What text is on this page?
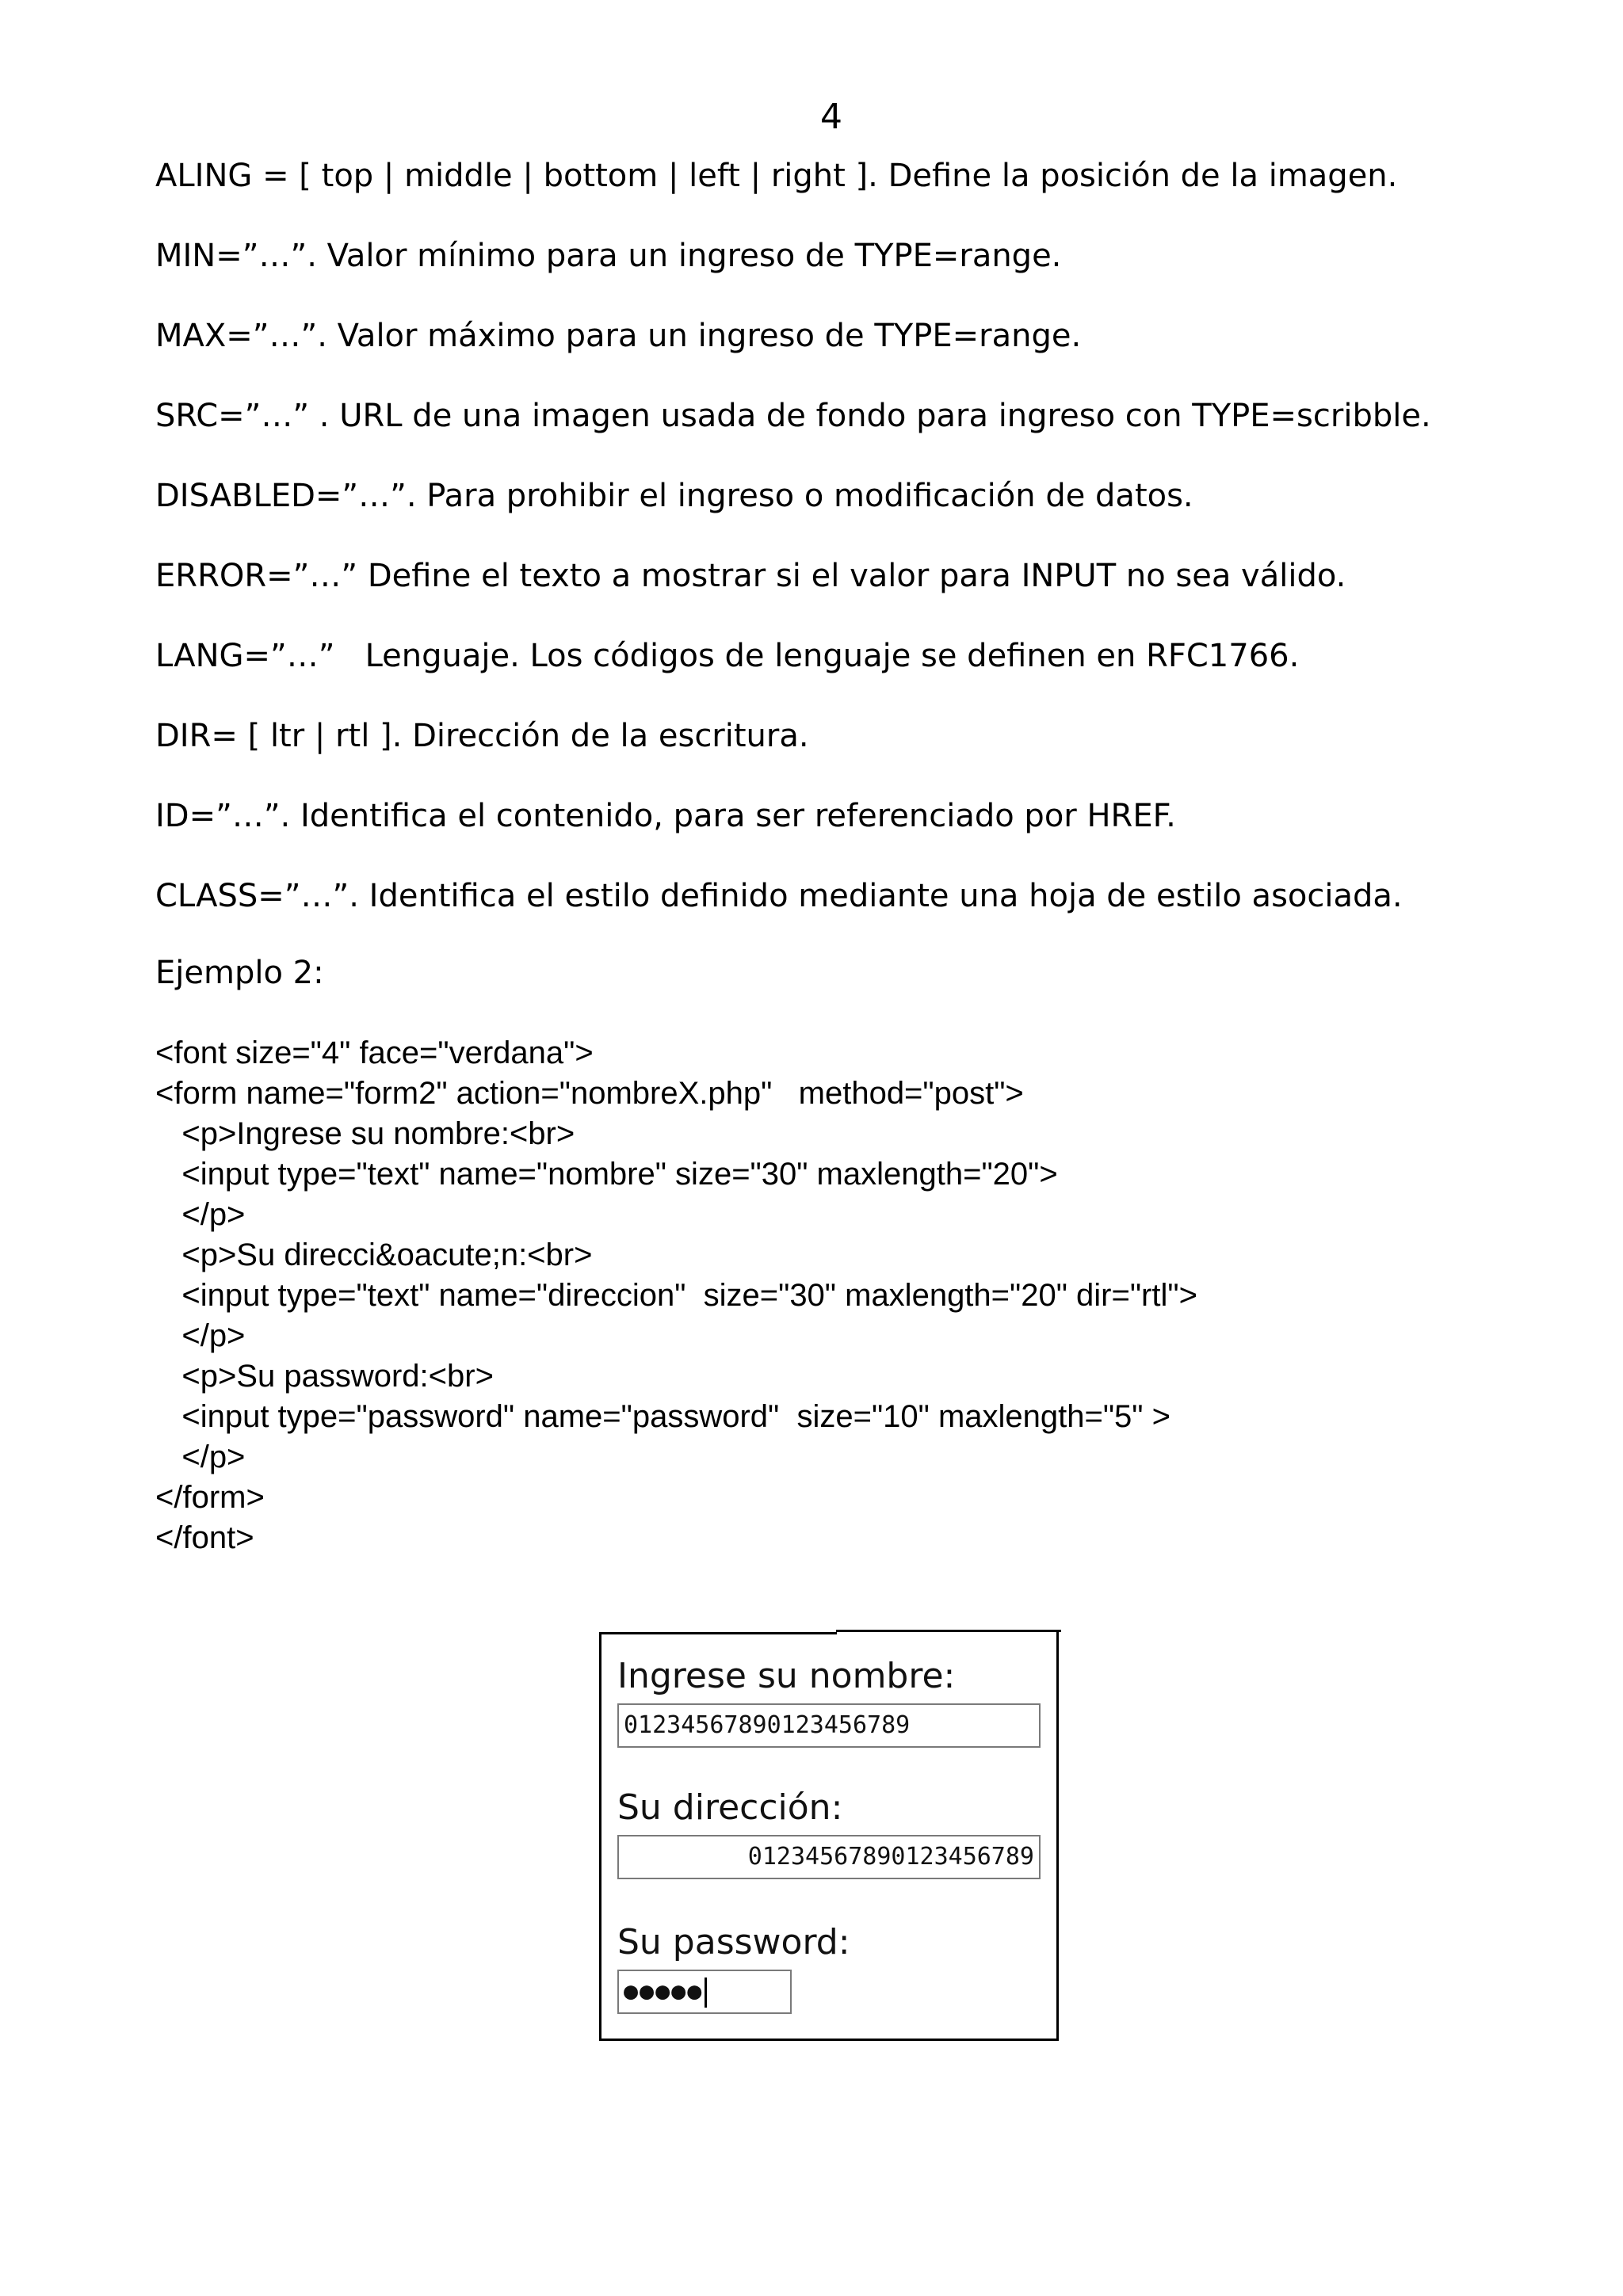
4
ALING = [ top | middle | bottom | left | right ]. Define la posición de la imagen.
MIN=”…”. Valor mínimo para un ingreso de TYPE=range.
MAX=”…”. Valor máximo para un ingreso de TYPE=range.
SRC=”…” . URL de una imagen usada de fondo para ingreso con TYPE=scribble.
DISABLED=”…”. Para prohibir el ingreso o modificación de datos.
ERROR=”…” Define el texto a mostrar si el valor para INPUT no sea válido.
LANG=”…”   Lenguaje. Los códigos de lenguaje se definen en RFC1766.
DIR= [ ltr | rtl ]. Dirección de la escritura.
ID=”…”. Identifica el contenido, para ser referenciado por HREF.
CLASS=”…”. Identifica el estilo definido mediante una hoja de estilo asociada.
Ejemplo 2:
<font size="4" face="verdana">
<form name="form2" action="nombreX.php"   method="post">
<p>Ingrese su nombre:<br>
<input type="text" name="nombre" size="30" maxlength="20">
</p>
<p>Su direcci&oacute;n:<br>
<input type="text" name="direccion"  size="30" maxlength="20" dir="rtl">
</p>
<p>Su password:<br>
<input type="password" name="password"  size="10" maxlength="5" >
</p>
</form>
</font>
Ingrese su nombre:
01234567890123456789
Su dirección:
01234567890123456789
Su password:
●●●●●
